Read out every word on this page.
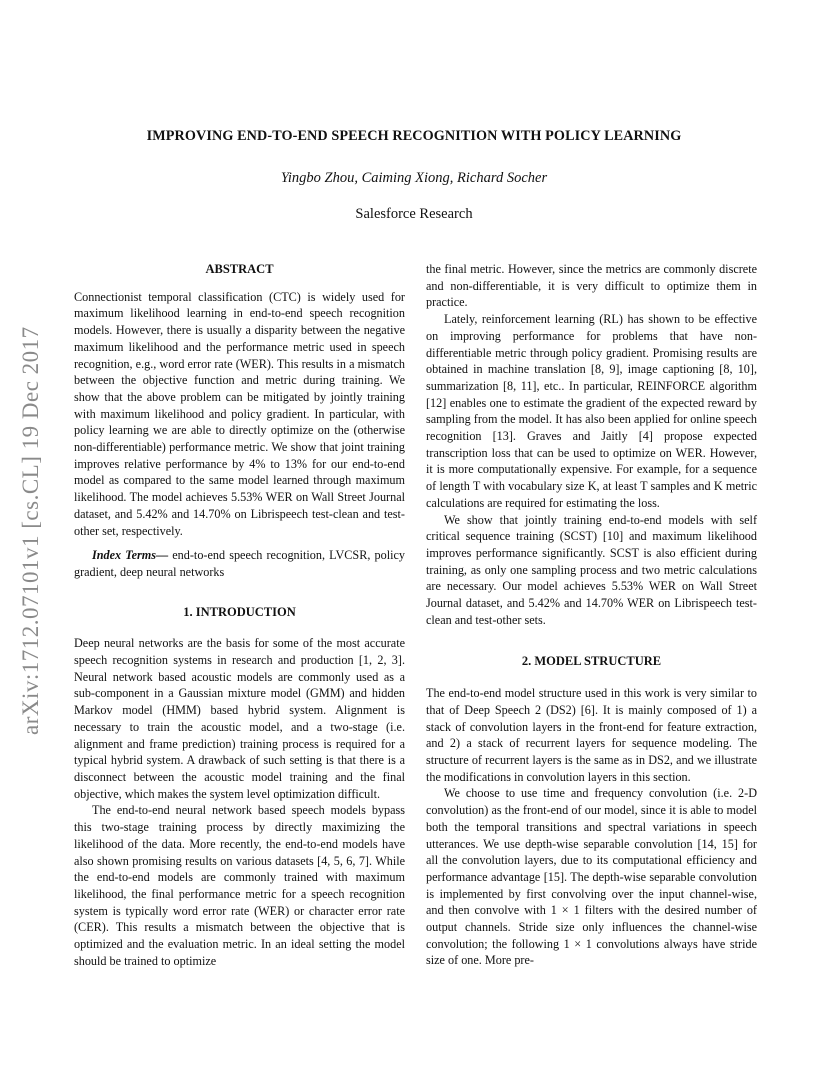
arXiv:1712.07101v1 [cs.CL] 19 Dec 2017
IMPROVING END-TO-END SPEECH RECOGNITION WITH POLICY LEARNING
Yingbo Zhou, Caiming Xiong, Richard Socher
Salesforce Research
ABSTRACT

Connectionist temporal classification (CTC) is widely used for maximum likelihood learning in end-to-end speech recognition models. However, there is usually a disparity between the negative maximum likelihood and the performance metric used in speech recognition, e.g., word error rate (WER). This results in a mismatch between the objective function and metric during training. We show that the above problem can be mitigated by jointly training with maximum likelihood and policy gradient. In particular, with policy learning we are able to directly optimize on the (otherwise non-differentiable) performance metric. We show that joint training improves relative performance by 4% to 13% for our end-to-end model as compared to the same model learned through maximum likelihood. The model achieves 5.53% WER on Wall Street Journal dataset, and 5.42% and 14.70% on Librispeech test-clean and test-other set, respectively.

Index Terms— end-to-end speech recognition, LVCSR, policy gradient, deep neural networks

1. INTRODUCTION

Deep neural networks are the basis for some of the most accurate speech recognition systems in research and production [1, 2, 3]. Neural network based acoustic models are commonly used as a sub-component in a Gaussian mixture model (GMM) and hidden Markov model (HMM) based hybrid system. Alignment is necessary to train the acoustic model, and a two-stage (i.e. alignment and frame prediction) training process is required for a typical hybrid system. A drawback of such setting is that there is a disconnect between the acoustic model training and the final objective, which makes the system level optimization difficult.

The end-to-end neural network based speech models bypass this two-stage training process by directly maximizing the likelihood of the data. More recently, the end-to-end models have also shown promising results on various datasets [4, 5, 6, 7]. While the end-to-end models are commonly trained with maximum likelihood, the final performance metric for a speech recognition system is typically word error rate (WER) or character error rate (CER). This results a mismatch between the objective that is optimized and the evaluation metric. In an ideal setting the model should be trained to optimize

the final metric. However, since the metrics are commonly discrete and non-differentiable, it is very difficult to optimize them in practice.

Lately, reinforcement learning (RL) has shown to be effective on improving performance for problems that have non-differentiable metric through policy gradient. Promising results are obtained in machine translation [8, 9], image captioning [8, 10], summarization [8, 11], etc.. In particular, REINFORCE algorithm [12] enables one to estimate the gradient of the expected reward by sampling from the model. It has also been applied for online speech recognition [13]. Graves and Jaitly [4] propose expected transcription loss that can be used to optimize on WER. However, it is more computationally expensive. For example, for a sequence of length T with vocabulary size K, at least T samples and K metric calculations are required for estimating the loss.

We show that jointly training end-to-end models with self critical sequence training (SCST) [10] and maximum likelihood improves performance significantly. SCST is also efficient during training, as only one sampling process and two metric calculations are necessary. Our model achieves 5.53% WER on Wall Street Journal dataset, and 5.42% and 14.70% WER on Librispeech test-clean and test-other sets.

2. MODEL STRUCTURE

The end-to-end model structure used in this work is very similar to that of Deep Speech 2 (DS2) [6]. It is mainly composed of 1) a stack of convolution layers in the front-end for feature extraction, and 2) a stack of recurrent layers for sequence modeling. The structure of recurrent layers is the same as in DS2, and we illustrate the modifications in convolution layers in this section.

We choose to use time and frequency convolution (i.e. 2-D convolution) as the front-end of our model, since it is able to model both the temporal transitions and spectral variations in speech utterances. We use depth-wise separable convolution [14, 15] for all the convolution layers, due to its computational efficiency and performance advantage [15]. The depth-wise separable convolution is implemented by first convolving over the input channel-wise, and then convolve with 1 × 1 filters with the desired number of output channels. Stride size only influences the channel-wise convolution; the following 1 × 1 convolutions always have stride size of one. More pre-
